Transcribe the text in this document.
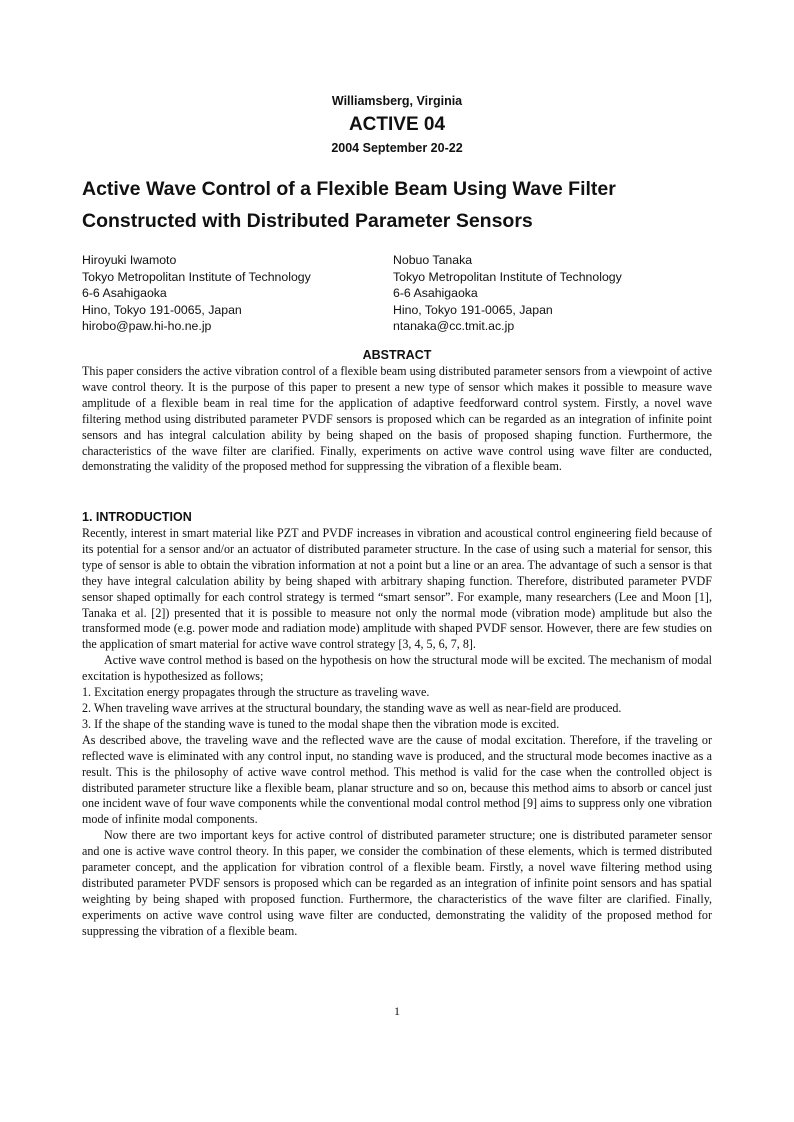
Williamsberg, Virginia

ACTIVE 04

2004 September 20-22

Active Wave Control of a Flexible Beam Using Wave Filter Constructed with Distributed Parameter Sensors
Hiroyuki Iwamoto
Tokyo Metropolitan Institute of Technology
6-6 Asahigaoka
Hino, Tokyo 191-0065, Japan
hirobo@paw.hi-ho.ne.jp
Nobuo Tanaka
Tokyo Metropolitan Institute of Technology
6-6 Asahigaoka
Hino, Tokyo 191-0065, Japan
ntanaka@cc.tmit.ac.jp

ABSTRACT

This paper considers the active vibration control of a flexible beam using distributed parameter sensors from a viewpoint of active wave control theory. It is the purpose of this paper to present a new type of sensor which makes it possible to measure wave amplitude of a flexible beam in real time for the application of adaptive feedforward control system. Firstly, a novel wave filtering method using distributed parameter PVDF sensors is proposed which can be regarded as an integration of infinite point sensors and has integral calculation ability by being shaped on the basis of proposed shaping function. Furthermore, the characteristics of the wave filter are clarified. Finally, experiments on active wave control using wave filter are conducted, demonstrating the validity of the proposed method for suppressing the vibration of a flexible beam.

1. INTRODUCTION

Recently, interest in smart material like PZT and PVDF increases in vibration and acoustical control engineering field because of its potential for a sensor and/or an actuator of distributed parameter structure. In the case of using such a material for sensor, this type of sensor is able to obtain the vibration information at not a point but a line or an area. The advantage of such a sensor is that they have integral calculation ability by being shaped with arbitrary shaping function. Therefore, distributed parameter PVDF sensor shaped optimally for each control strategy is termed “smart sensor”. For example, many researchers (Lee and Moon [1], Tanaka et al. [2]) presented that it is possible to measure not only the normal mode (vibration mode) amplitude but also the transformed mode (e.g. power mode and radiation mode) amplitude with shaped PVDF sensor. However, there are few studies on the application of smart material for active wave control strategy [3, 4, 5, 6, 7, 8].

Active wave control method is based on the hypothesis on how the structural mode will be excited. The mechanism of modal excitation is hypothesized as follows;

1. Excitation energy propagates through the structure as traveling wave.

2. When traveling wave arrives at the structural boundary, the standing wave as well as near-field are produced.

3. If the shape of the standing wave is tuned to the modal shape then the vibration mode is excited.

As described above, the traveling wave and the reflected wave are the cause of modal excitation. Therefore, if the traveling or reflected wave is eliminated with any control input, no standing wave is produced, and the structural mode becomes inactive as a result. This is the philosophy of active wave control method. This method is valid for the case when the controlled object is distributed parameter structure like a flexible beam, planar structure and so on, because this method aims to absorb or cancel just one incident wave of four wave components while the conventional modal control method [9] aims to suppress only one vibration mode of infinite modal components.

Now there are two important keys for active control of distributed parameter structure; one is distributed parameter sensor and one is active wave control theory. In this paper, we consider the combination of these elements, which is termed distributed parameter concept, and the application for vibration control of a flexible beam. Firstly, a novel wave filtering method using distributed parameter PVDF sensors is proposed which can be regarded as an integration of infinite point sensors and has spatial weighting by being shaped with proposed function. Furthermore, the characteristics of the wave filter are clarified. Finally, experiments on active wave control using wave filter are conducted, demonstrating the validity of the proposed method for suppressing the vibration of a flexible beam.

1
